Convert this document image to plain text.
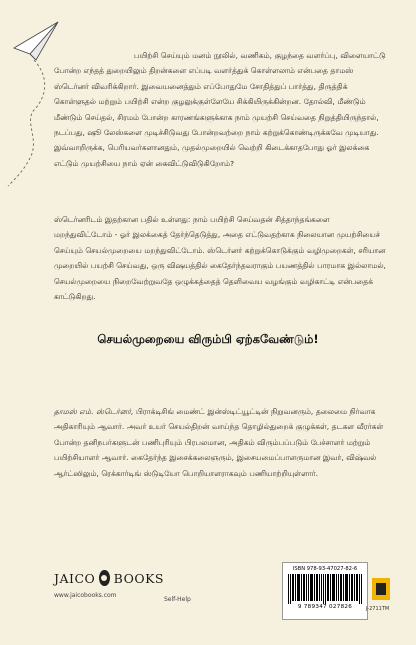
பயிற்சி செய்யும் மனம் நூலில், வணிகம், குழந்தை வளர்ப்பு, விளையாட்டு போன்ற எந்தத் துறையிலும் திறன்களை எப்படி வளர்த்துக் கொள்ளலாம் என்பதை தாமஸ் ஸ்டெர்னர் விவரிக்கிறார். இவையனைத்தும் எப்போதுமே சோதித்துப் பார்த்து, திருத்திக் கொள்ளுதல் மற்றும் பயிற்சி என்ற குழலுக்குள்ளேயே சிக்கியிருக்கின்றன. தோல்வி, மீண்டும் மீண்டும் செய்தல், சிரமம் போன்ற காரணங்களுக்காக நாம் முயற்சி செய்வதை நிறுத்தியிருந்தால், நடப்பது, ஷூ லேஸ்களை முடிச்சிடுவது போன்றவற்றை நாம் கற்றுக்கொண்டிருக்கவே முடியாது. இவ்வாறிருக்க, பெரியவர்களானதும், முதல்முறையில் வெற்றி கிடைக்காதபோது ஓர் இலக்கை எட்டும் முயற்சியை நாம் ஏன் கைவிட்டுவிடுகிறோம்?

ஸ்டெர்னரிடம் இதற்கான பதில் உள்ளது: நாம் பயிற்சி செய்வதன் சித்தாந்தங்களை மறந்துவிட்டோம் - ஓர் இலக்கைத் தேர்ந்தெடுத்து, அதை எட்டுவதற்காக நிலையான முயற்சியைச் செய்யும் செயல்முறையை மறந்துவிட்டோம். ஸ்டெர்னர் கற்றுக்கொடுக்கும் வழிமுறைகள், சரியான முறையில் பயற்சி செய்வது, ஒரு விஷயத்தில் கைதேர்ந்தவராகும் பயணத்தில் பாரமாக இல்லாமல், செயல்முறையை நிறைவேற்றுவதே ஒழுக்கத்தைத் தெளிவைய வழங்கும் வழிகாட்டி என்பதைக் காட்டுகிறது.

செயல்முறையை விரும்பி ஏற்கவேண்டும்!

தாமஸ் எம். ஸ்டெர்னர், பிராக்டிசிங் மைண்ட் இன்ஸ்டிட்யூட்டின் நிறுவனரும், தலைமை நிர்வாக அதிகாரியும் ஆவார். அவர் உயர் செயல்திறன் வாய்ந்த தொழில்துறைக் குழுக்கள், தடகள வீரர்கள் போன்ற தனிநபர்களுடன் பணிபுரியும் பிரபலமான, அதிகம் விரும்பப்படும் பேச்சாளர் மற்றும் பயிற்சியாளர் ஆவார். கைதேர்ந்த இசைக்கலைஞரும், இசையமைப்பாளருமான இவர், விஷ்வல் ஆர்ட்ஸிலும், ரெக்கார்டிங் ஸ்டுடியோ பொறியாளராகவும் பணியாற்றியுள்ளார்.

JAICO BOOKS
www.jaicobooks.com
Self-Help
ISBN 978-93-47027-82-6
9 789347 027826	J-2711TM
